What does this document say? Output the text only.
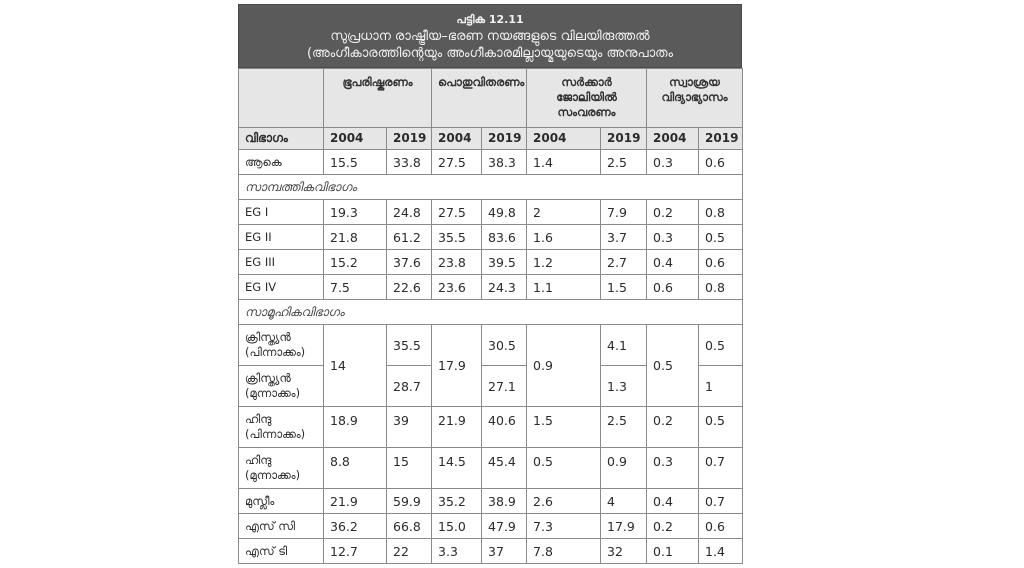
പട്ടിക 12.11
സുപ്രധാന രാഷ്ട്രീയ–ഭരണ നയങ്ങളുടെ വിലയിരുത്തൽ
(അംഗീകാരത്തിന്റെയും അംഗീകാരമില്ലായ്മയുടെയും അനുപാതം
	ഭൂപരിഷ്കരണം		പൊതുവിതരണം		സർക്കാർ ജോലിയിൽ സംവരണം		സ്വാശ്രയ വിദ്യാഭ്യാസം	
വിഭാഗം	2004	2019	2004	2019	2004	2019	2004	2019
ആകെ	15.5	33.8	27.5	38.3	1.4	2.5	0.3	0.6
സാമ്പത്തികവിഭാഗം								
EG I	19.3	24.8	27.5	49.8	2	7.9	0.2	0.8
EG II	21.8	61.2	35.5	83.6	1.6	3.7	0.3	0.5
EG III	15.2	37.6	23.8	39.5	1.2	2.7	0.4	0.6
EG IV	7.5	22.6	23.6	24.3	1.1	1.5	0.6	0.8
സാമൂഹികവിഭാഗം								
ക്രിസ്ത്യൻ (പിന്നാക്കം)	14	35.5	17.9	30.5	0.9	4.1	0.5	0.5
ക്രിസ്ത്യൻ (മുന്നാക്കം)		28.7		27.1		1.3		1
ഹിന്ദു (പിന്നാക്കം)	18.9	39	21.9	40.6	1.5	2.5	0.2	0.5
ഹിന്ദു (മുന്നാക്കം)	8.8	15	14.5	45.4	0.5	0.9	0.3	0.7
മുസ്ലീം	21.9	59.9	35.2	38.9	2.6	4	0.4	0.7
എസ് സി	36.2	66.8	15.0	47.9	7.3	17.9	0.2	0.6
എസ് ടി	12.7	22	3.3	37	7.8	32	0.1	1.4
